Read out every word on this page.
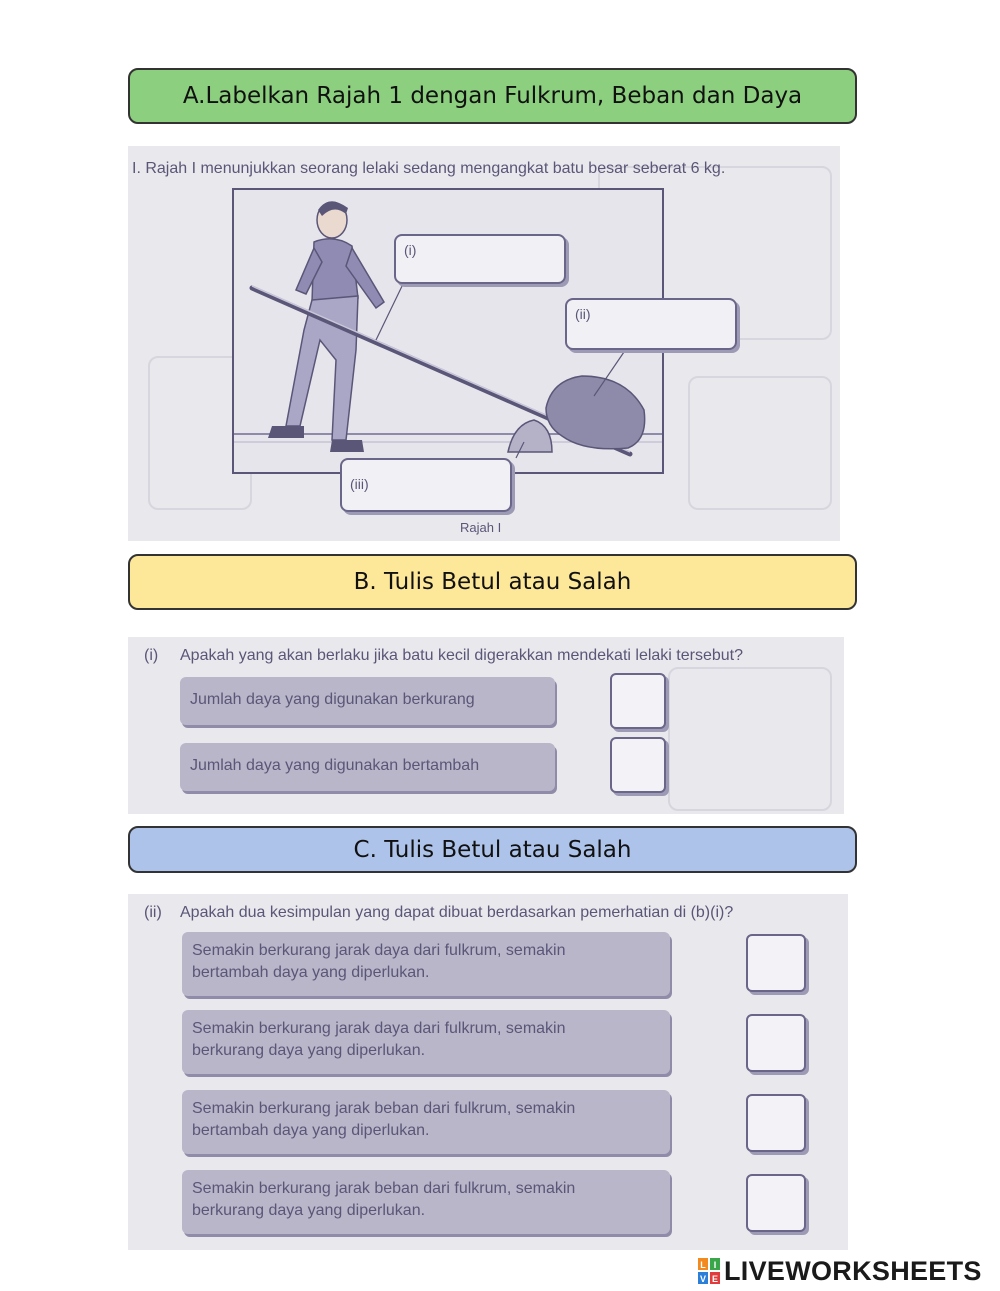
A.Labelkan Rajah 1 dengan Fulkrum, Beban dan Daya
I. Rajah I menunjukkan seorang lelaki sedang mengangkat batu besar seberat 6 kg.
(i)
(ii)
(iii)
Rajah I
B. Tulis Betul atau Salah
(i) Apakah yang akan berlaku jika batu kecil digerakkan mendekati lelaki tersebut?
Jumlah daya yang digunakan berkurang
Jumlah daya yang digunakan bertambah
C. Tulis Betul atau Salah
(ii) Apakah dua kesimpulan yang dapat dibuat berdasarkan pemerhatian di (b)(i)?
Semakin berkurang jarak daya dari fulkrum, semakin
bertambah daya yang diperlukan.
Semakin berkurang jarak daya dari fulkrum, semakin
berkurang daya yang diperlukan.
Semakin berkurang jarak beban dari fulkrum, semakin
bertambah daya yang diperlukan.
Semakin berkurang jarak beban dari fulkrum, semakin
berkurang daya yang diperlukan.
L I
V E LIVEWORKSHEETS
